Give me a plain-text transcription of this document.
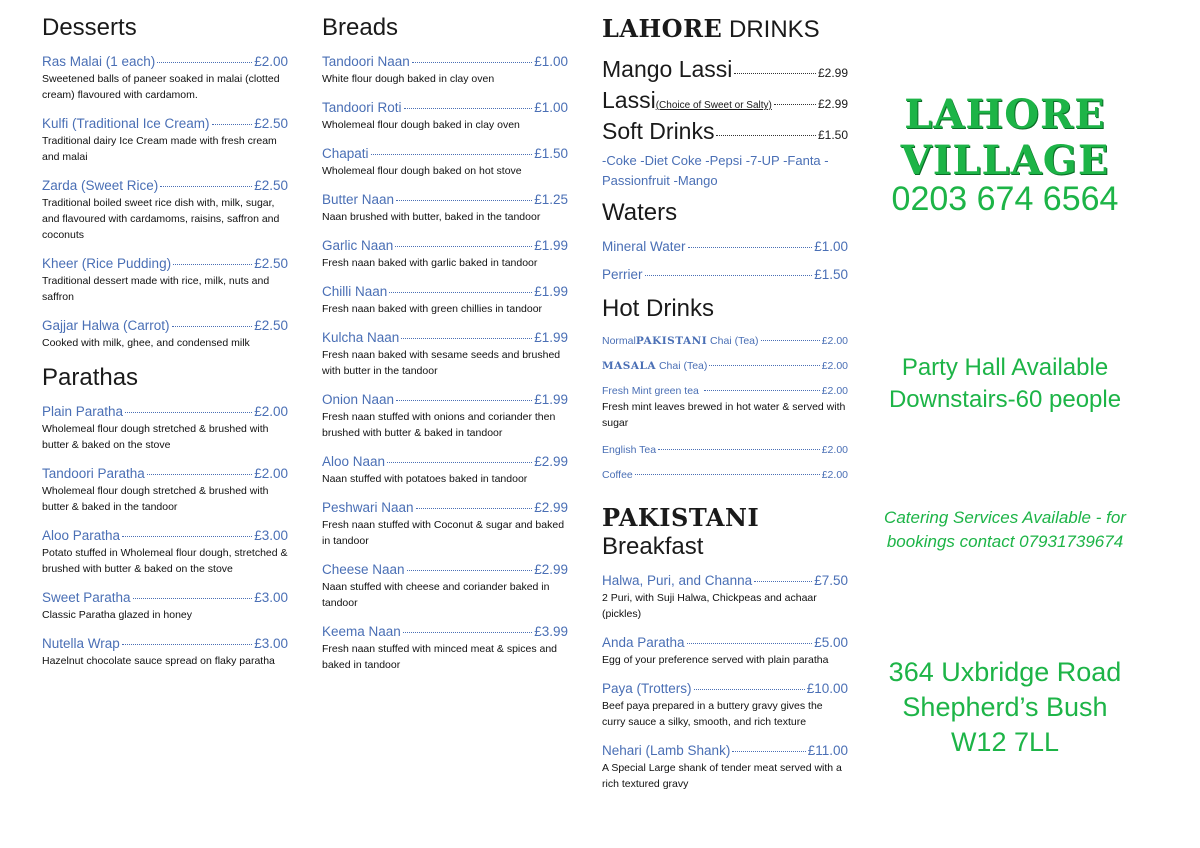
Desserts
Ras Malai (1 each)	£2.00
Sweetened balls of paneer soaked in malai (clotted cream) flavoured with cardamom.
Kulfi (Traditional Ice Cream)	£2.50
Traditional dairy Ice Cream made with fresh cream and malai
Zarda (Sweet Rice)	£2.50
Traditional boiled sweet rice dish with, milk, sugar, and flavoured with cardamoms, raisins, saffron and coconuts
Kheer (Rice Pudding)	£2.50
Traditional dessert made with rice, milk, nuts and saffron
Gajjar Halwa (Carrot)	£2.50
Cooked with milk, ghee, and condensed milk
Parathas
Plain Paratha	£2.00
Wholemeal flour dough stretched & brushed with butter & baked on the stove
Tandoori Paratha	£2.00
Wholemeal flour dough stretched & brushed with butter & baked in the tandoor
Aloo Paratha	£3.00
Potato stuffed in Wholemeal flour dough, stretched & brushed with butter & baked on the stove
Sweet Paratha	£3.00
Classic Paratha glazed in honey
Nutella Wrap	£3.00
Hazelnut chocolate sauce spread on flaky paratha
Breads
Tandoori Naan	£1.00
White flour dough baked in clay oven
Tandoori Roti	£1.00
Wholemeal flour dough baked in clay oven
Chapati	£1.50
Wholemeal flour dough baked on hot stove
Butter Naan	£1.25
Naan brushed with butter, baked in the tandoor
Garlic Naan	£1.99
Fresh naan baked with garlic baked in tandoor
Chilli Naan	£1.99
Fresh naan baked with green chillies in tandoor
Kulcha Naan	£1.99
Fresh naan baked with sesame seeds and brushed with butter in the tandoor
Onion Naan	£1.99
Fresh naan stuffed with onions and coriander then brushed with butter & baked in tandoor
Aloo Naan	£2.99
Naan stuffed with potatoes baked in tandoor
Peshwari Naan	£2.99
Fresh naan stuffed with Coconut & sugar and baked in tandoor
Cheese Naan	£2.99
Naan stuffed with cheese and coriander baked in tandoor
Keema Naan	£3.99
Fresh naan stuffed with minced meat & spices and baked in tandoor
LAHORE DRINKS
Mango Lassi	£2.99
Lassi (Choice of Sweet or Salty)	£2.99
Soft Drinks	£1.50
-Coke -Diet Coke -Pepsi -7-UP -Fanta -Passionfruit -Mango
Waters
Mineral Water	£1.00
Perrier	£1.50
Hot Drinks
Normal PAKISTANI Chai (Tea)	£2.00
MASALA Chai (Tea)	£2.00
Fresh Mint green tea	£2.00
Fresh mint leaves brewed in hot water & served with sugar
English Tea	£2.00
Coffee	£2.00
PAKISTANI Breakfast
Halwa, Puri, and Channa	£7.50
2 Puri, with Suji Halwa, Chickpeas and achaar (pickles)
Anda Paratha	£5.00
Egg of your preference served with plain paratha
Paya (Trotters)	£10.00
Beef paya prepared in a buttery gravy gives the curry sauce a silky, smooth, and rich texture
Nehari (Lamb Shank)	£11.00
A Special Large shank of tender meat served with a rich textured gravy
LAHORE
VILLAGE
0203 674 6564
Party Hall Available
Downstairs-60 people
Catering Services Available - for
bookings contact 07931739674
364 Uxbridge Road
Shepherd’s Bush
W12 7LL
